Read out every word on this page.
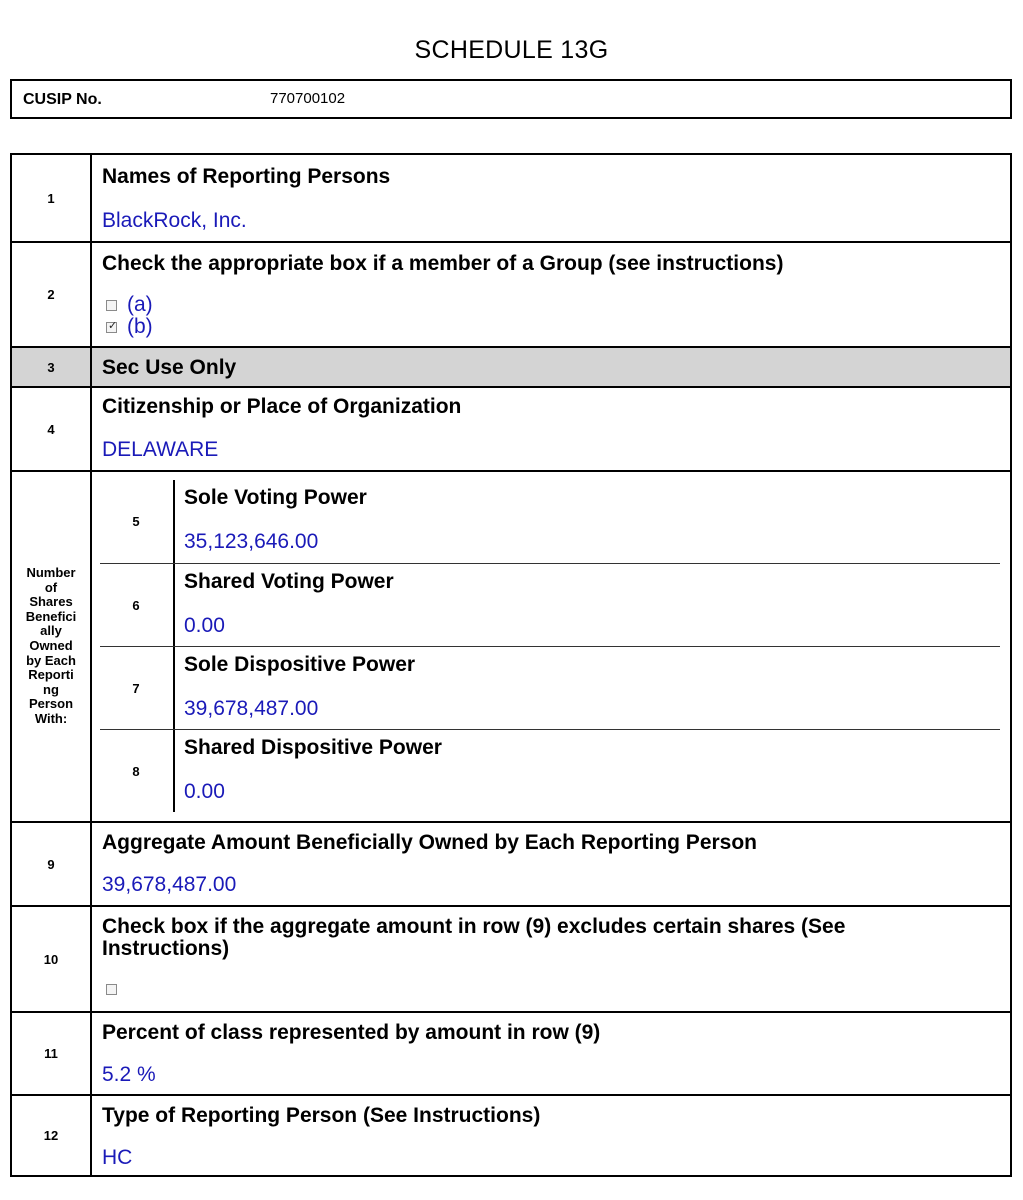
SCHEDULE 13G
CUSIP No.	770700102
1
Names of Reporting Persons
BlackRock, Inc.
2
Check the appropriate box if a member of a Group (see instructions)
(a)
✓ (b)
3	Sec Use Only
4
Citizenship or Place of Organization
DELAWARE
Number
of
Shares
Benefici
ally
Owned
by Each
Reporti
ng
Person
With:
5
Sole Voting Power
35,123,646.00
6
Shared Voting Power
0.00
7
Sole Dispositive Power
39,678,487.00
8
Shared Dispositive Power
0.00
9
Aggregate Amount Beneficially Owned by Each Reporting Person
39,678,487.00
10
Check box if the aggregate amount in row (9) excludes certain shares (See
Instructions)
11
Percent of class represented by amount in row (9)
5.2 %
12
Type of Reporting Person (See Instructions)
HC
